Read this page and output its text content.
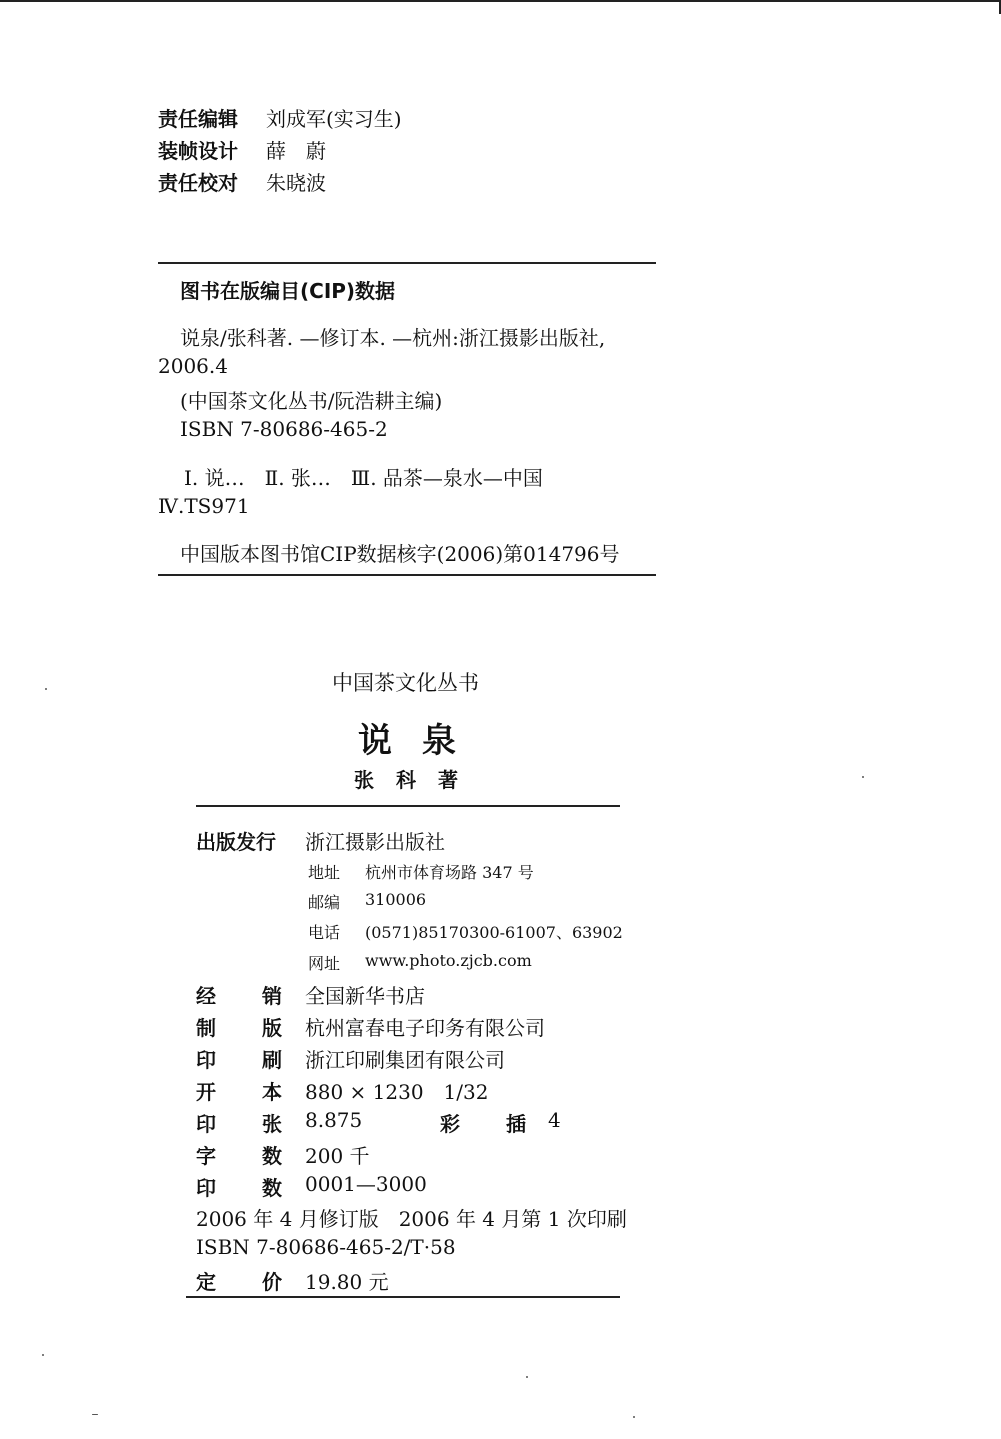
责任编辑 刘成军(实习生)
装帧设计 薛　蔚
责任校对 朱晓波
图书在版编目(CIP)数据
说泉/张科著. —修订本. —杭州:浙江摄影出版社,
2006.4
(中国茶文化丛书/阮浩耕主编)
ISBN 7-80686-465-2
Ⅰ. 说…　Ⅱ. 张…　Ⅲ. 品茶—泉水—中国
Ⅳ.TS971
中国版本图书馆CIP数据核字(2006)第014796号
中国茶文化丛书
说泉
张科著
出版发行 浙江摄影出版社
地址 杭州市体育场路 347 号
邮编 310006
电话 (0571)85170300-61007、63902
网址 www.photo.zjcb.com
经 销 全国新华书店
制 版 杭州富春电子印务有限公司
印 刷 浙江印刷集团有限公司
开 本 880 × 1230　1/32
印 张 8.875	彩 插 4
字 数 200 千
印 数 0001—3000
2006 年 4 月修订版　2006 年 4 月第 1 次印刷
ISBN 7-80686-465-2/T·58
定 价 19.80 元
